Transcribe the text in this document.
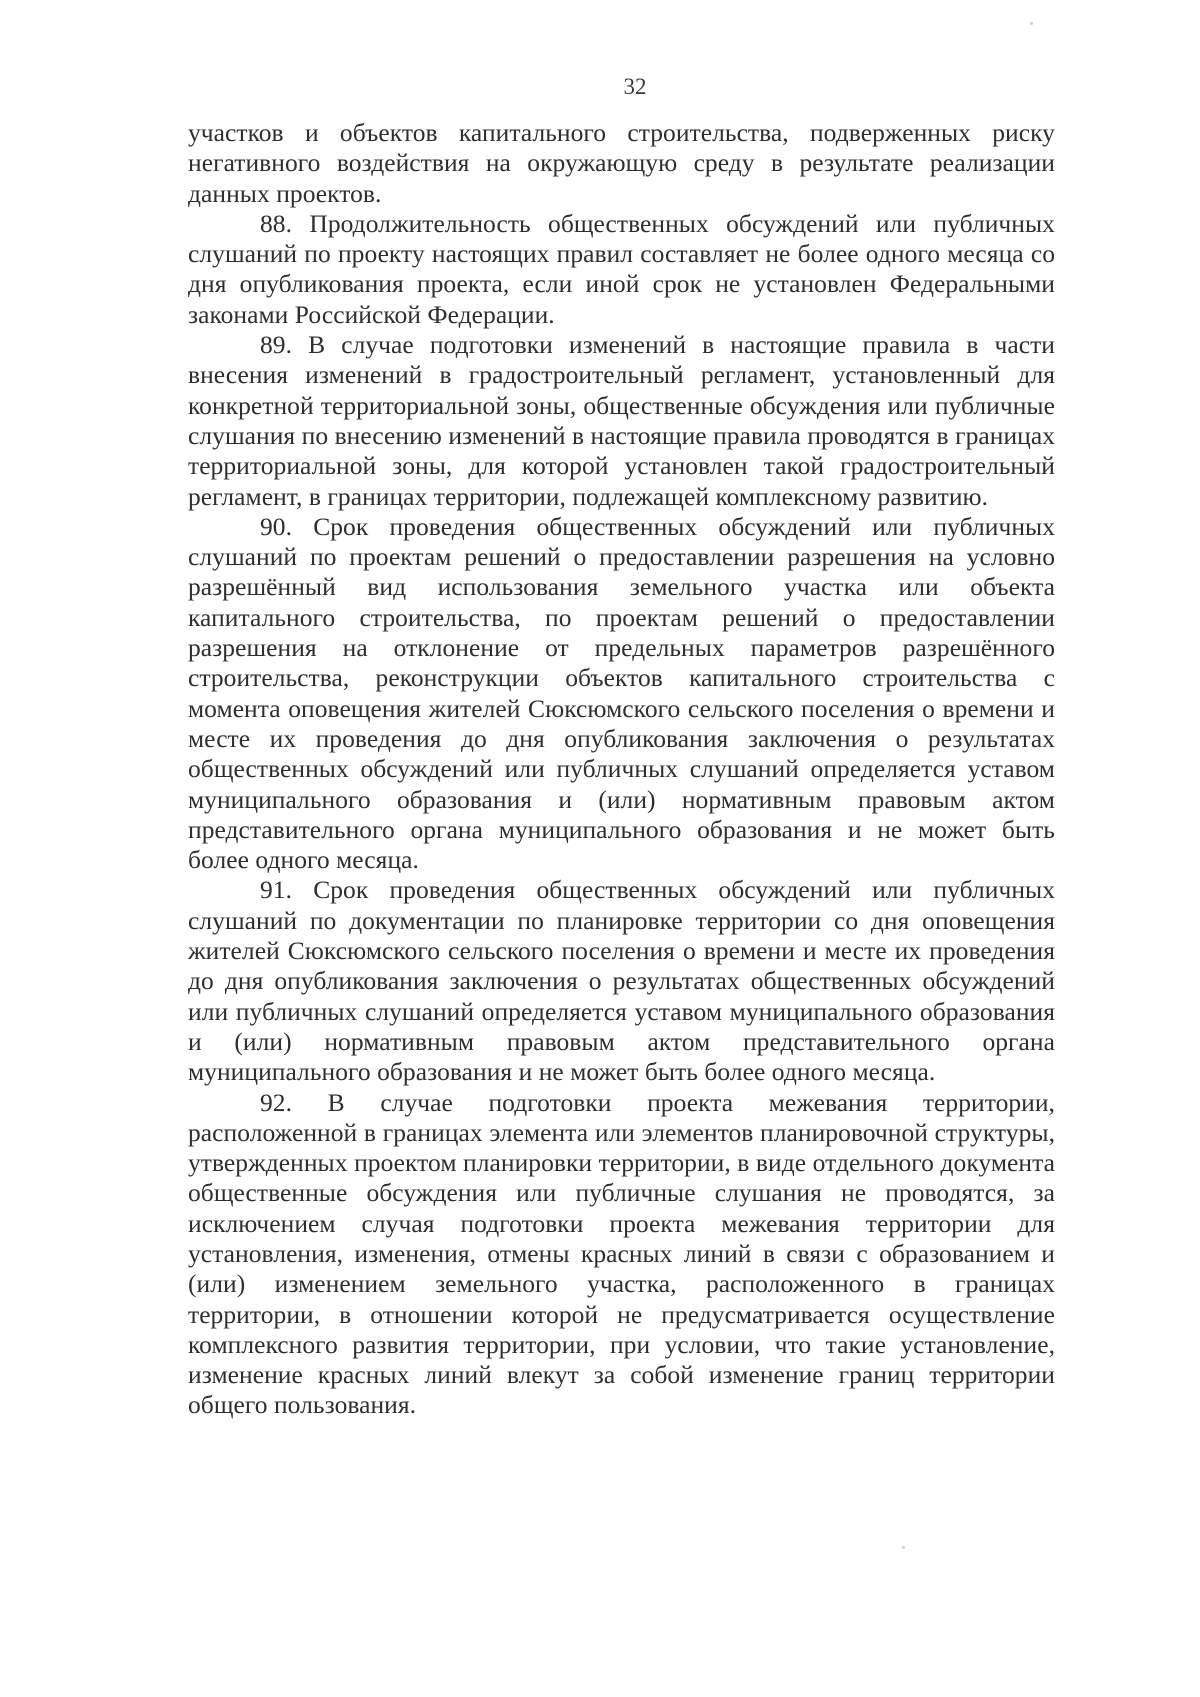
32

участков и объектов капитального строительства, подверженных риску негативного воздействия на окружающую среду в результате реализации данных проектов.

88. Продолжительность общественных обсуждений или публичных слушаний по проекту настоящих правил составляет не более одного месяца со дня опубликования проекта, если иной срок не установлен Федеральными законами Российской Федерации.

89. В случае подготовки изменений в настоящие правила в части внесения изменений в градостроительный регламент, установленный для конкретной территориальной зоны, общественные обсуждения или публичные слушания по внесению изменений в настоящие правила проводятся в границах территориальной зоны, для которой установлен такой градостроительный регламент, в границах территории, подлежащей комплексному развитию.

90. Срок проведения общественных обсуждений или публичных слушаний по проектам решений о предоставлении разрешения на условно разрешённый вид использования земельного участка или объекта капитального строительства, по проектам решений о предоставлении разрешения на отклонение от предельных параметров разрешённого строительства, реконструкции объектов капитального строительства с момента оповещения жителей Сюксюмского сельского поселения о времени и месте их проведения до дня опубликования заключения о результатах общественных обсуждений или публичных слушаний определяется уставом муниципального образования и (или) нормативным правовым актом представительного органа муниципального образования и не может быть более одного месяца.

91. Срок проведения общественных обсуждений или публичных слушаний по документации по планировке территории со дня оповещения жителей Сюксюмского сельского поселения о времени и месте их проведения до дня опубликования заключения о результатах общественных обсуждений или публичных слушаний определяется уставом муниципального образования и (или) нормативным правовым актом представительного органа муниципального образования и не может быть более одного месяца.

92. В случае подготовки проекта межевания территории, расположенной в границах элемента или элементов планировочной структуры, утвержденных проектом планировки территории, в виде отдельного документа общественные обсуждения или публичные слушания не проводятся, за исключением случая подготовки проекта межевания территории для установления, изменения, отмены красных линий в связи с образованием и (или) изменением земельного участка, расположенного в границах территории, в отношении которой не предусматривается осуществление комплексного развития территории, при условии, что такие установление, изменение красных линий влекут за собой изменение границ территории общего пользования.
